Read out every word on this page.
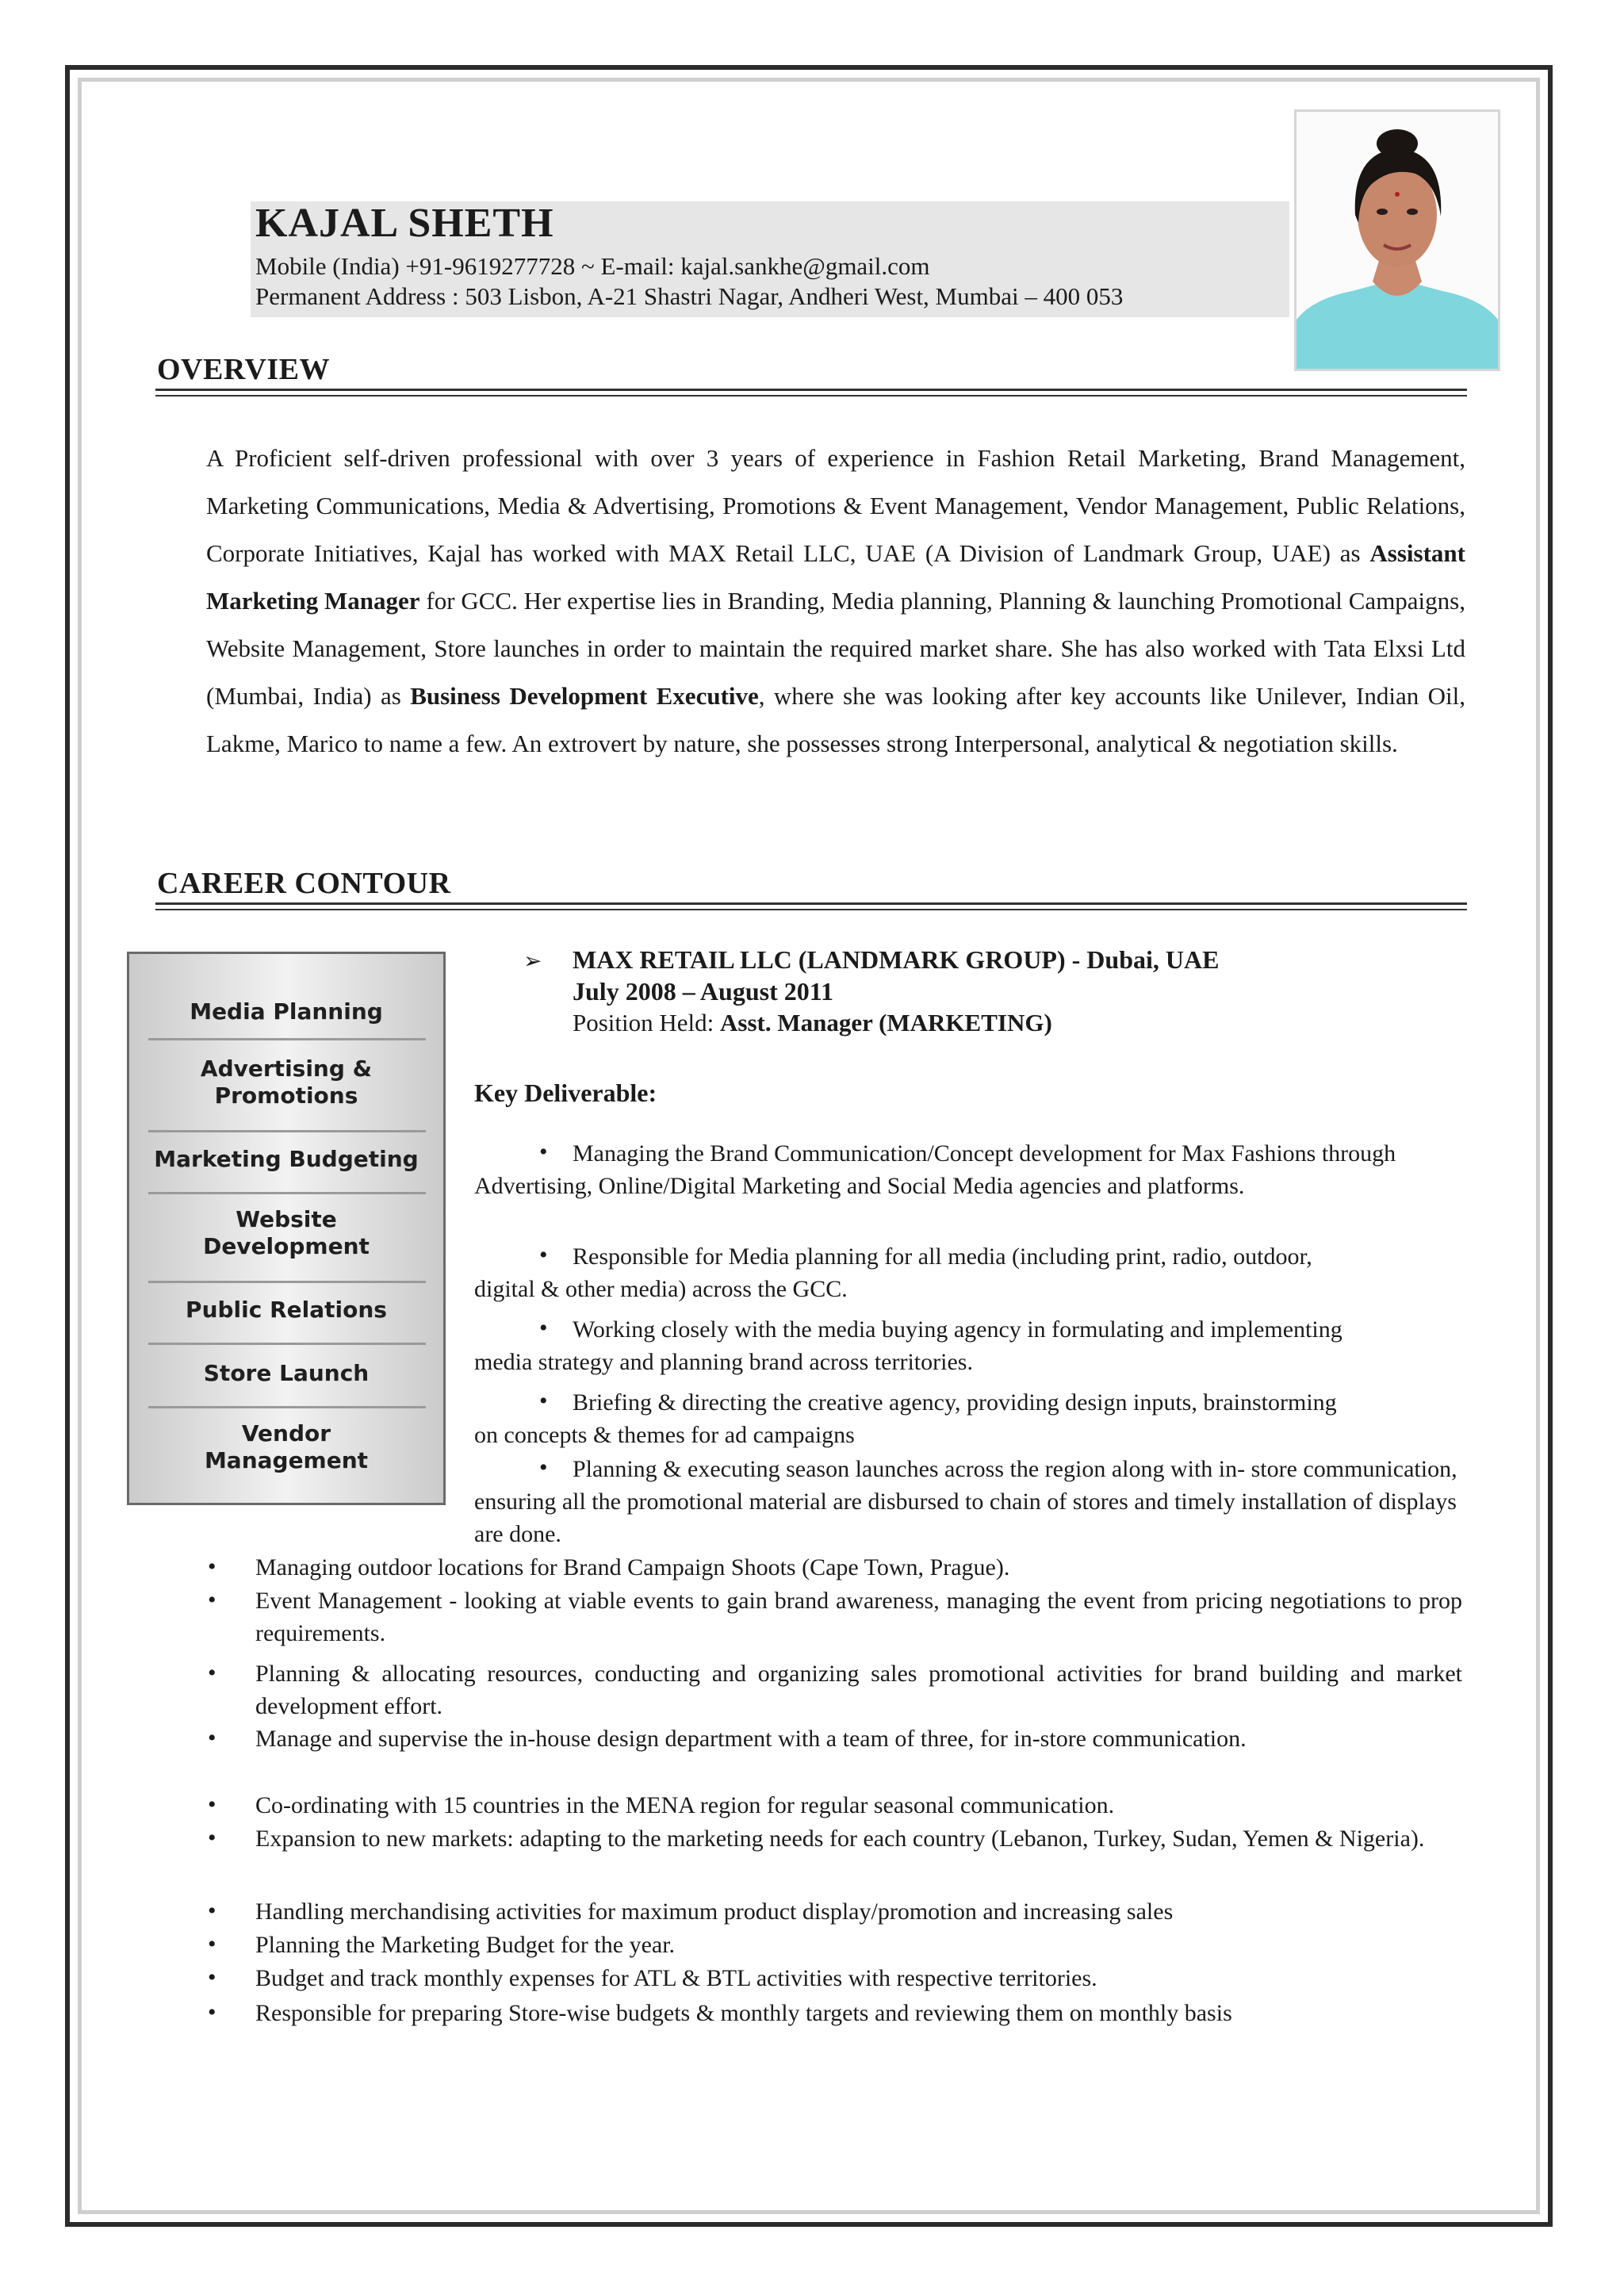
KAJAL SHETH
Mobile (India) +91-9619277728 ~ E-mail: kajal.sankhe@gmail.com
Permanent Address : 503 Lisbon, A-21 Shastri Nagar, Andheri West, Mumbai – 400 053
OVERVIEW

A Proficient self-driven professional with over 3 years of experience in Fashion Retail Marketing, Brand Management, Marketing Communications, Media & Advertising, Promotions & Event Management, Vendor Management, Public Relations, Corporate Initiatives, Kajal has worked with MAX Retail LLC, UAE (A Division of Landmark Group, UAE) as Assistant Marketing Manager for GCC. Her expertise lies in Branding, Media planning, Planning & launching Promotional Campaigns, Website Management, Store launches in order to maintain the required market share. She has also worked with Tata Elxsi Ltd (Mumbai, India) as Business Development Executive, where she was looking after key accounts like Unilever, Indian Oil, Lakme, Marico to name a few. An extrovert by nature, she possesses strong Interpersonal, analytical & negotiation skills.

CAREER CONTOUR
Media Planning
Advertising & Promotions
Marketing Budgeting
Website Development
Public Relations
Store Launch
Vendor Management
➢ MAX RETAIL LLC (LANDMARK GROUP) - Dubai, UAE
July 2008 – August 2011
Position Held: Asst. Manager (MARKETING)
Key Deliverable:
•	Managing the Brand Communication/Concept development for Max Fashions through Advertising, Online/Digital Marketing and Social Media agencies and platforms.

•	Responsible for Media planning for all media (including print, radio, outdoor, digital & other media) across the GCC.

•	Working closely with the media buying agency in formulating and implementing media strategy and planning brand across territories.

•	Briefing & directing the creative agency, providing design inputs, brainstorming on concepts & themes for ad campaigns

•	Planning & executing season launches across the region along with in- store communication, ensuring all the promotional material are disbursed to chain of stores and timely installation of displays are done.

• Managing outdoor locations for Brand Campaign Shoots (Cape Town, Prague).

• Event Management - looking at viable events to gain brand awareness, managing the event from pricing negotiations to prop requirements.

• Planning & allocating resources, conducting and organizing sales promotional activities for brand building and market development effort.

• Manage and supervise the in-house design department with a team of three, for in-store communication.

• Co-ordinating with 15 countries in the MENA region for regular seasonal communication.

• Expansion to new markets: adapting to the marketing needs for each country (Lebanon, Turkey, Sudan, Yemen & Nigeria).

• Handling merchandising activities for maximum product display/promotion and increasing sales

• Planning the Marketing Budget for the year.

• Budget and track monthly expenses for ATL & BTL activities with respective territories.

• Responsible for preparing Store-wise budgets & monthly targets and reviewing them on monthly basis
